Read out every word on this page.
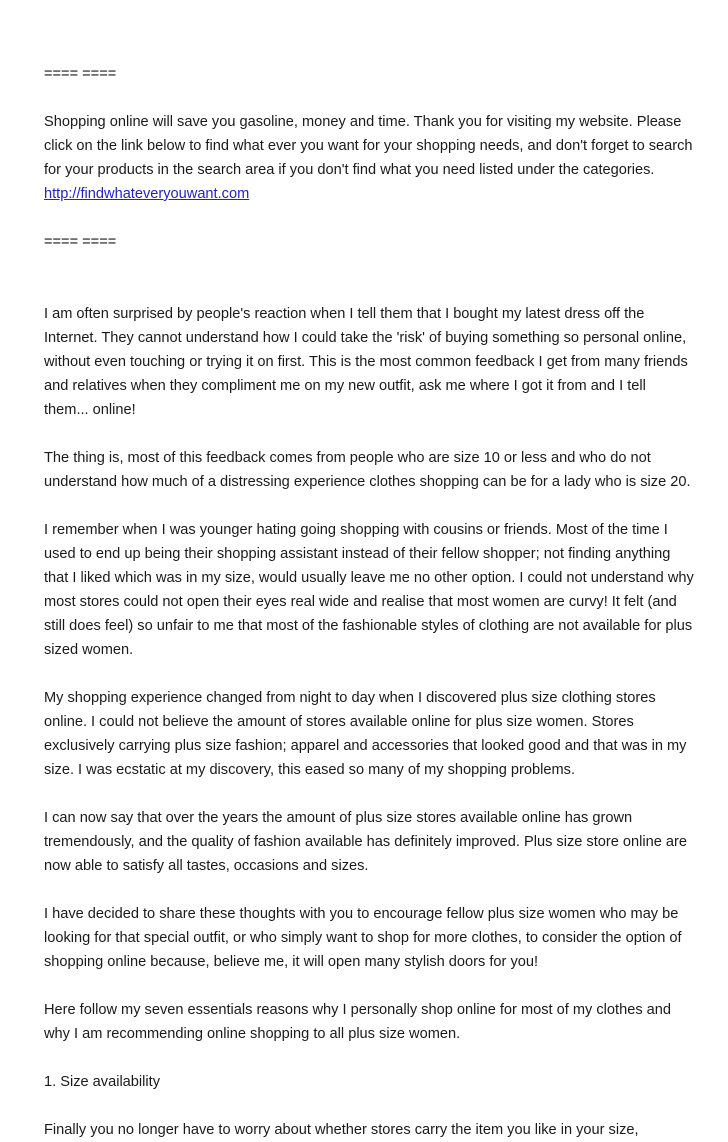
==== ====

Shopping online will save you gasoline, money and time. Thank you for visiting my website. Please click on the link below to find what ever you want for your shopping needs, and don't forget to search for your products in the search area if you don't find what you need listed under the categories.

http://findwhateveryouwant.com

==== ====

I am often surprised by people's reaction when I tell them that I bought my latest dress off the Internet. They cannot understand how I could take the 'risk' of buying something so personal online, without even touching or trying it on first. This is the most common feedback I get from many friends and relatives when they compliment me on my new outfit, ask me where I got it from and I tell them... online!

The thing is, most of this feedback comes from people who are size 10 or less and who do not understand how much of a distressing experience clothes shopping can be for a lady who is size 20.

I remember when I was younger hating going shopping with cousins or friends. Most of the time I used to end up being their shopping assistant instead of their fellow shopper; not finding anything that I liked which was in my size, would usually leave me no other option. I could not understand why most stores could not open their eyes real wide and realise that most women are curvy! It felt (and still does feel) so unfair to me that most of the fashionable styles of clothing are not available for plus sized women.

My shopping experience changed from night to day when I discovered plus size clothing stores online. I could not believe the amount of stores available online for plus size women. Stores exclusively carrying plus size fashion; apparel and accessories that looked good and that was in my size. I was ecstatic at my discovery, this eased so many of my shopping problems.

I can now say that over the years the amount of plus size stores available online has grown tremendously, and the quality of fashion available has definitely improved. Plus size store online are now able to satisfy all tastes, occasions and sizes.

I have decided to share these thoughts with you to encourage fellow plus size women who may be looking for that special outfit, or who simply want to shop for more clothes, to consider the option of shopping online because, believe me, it will open many stylish doors for you!

Here follow my seven essentials reasons why I personally shop online for most of my clothes and why I am recommending online shopping to all plus size women.

1. Size availability

Finally you no longer have to worry about whether stores carry the item you like in your size,
